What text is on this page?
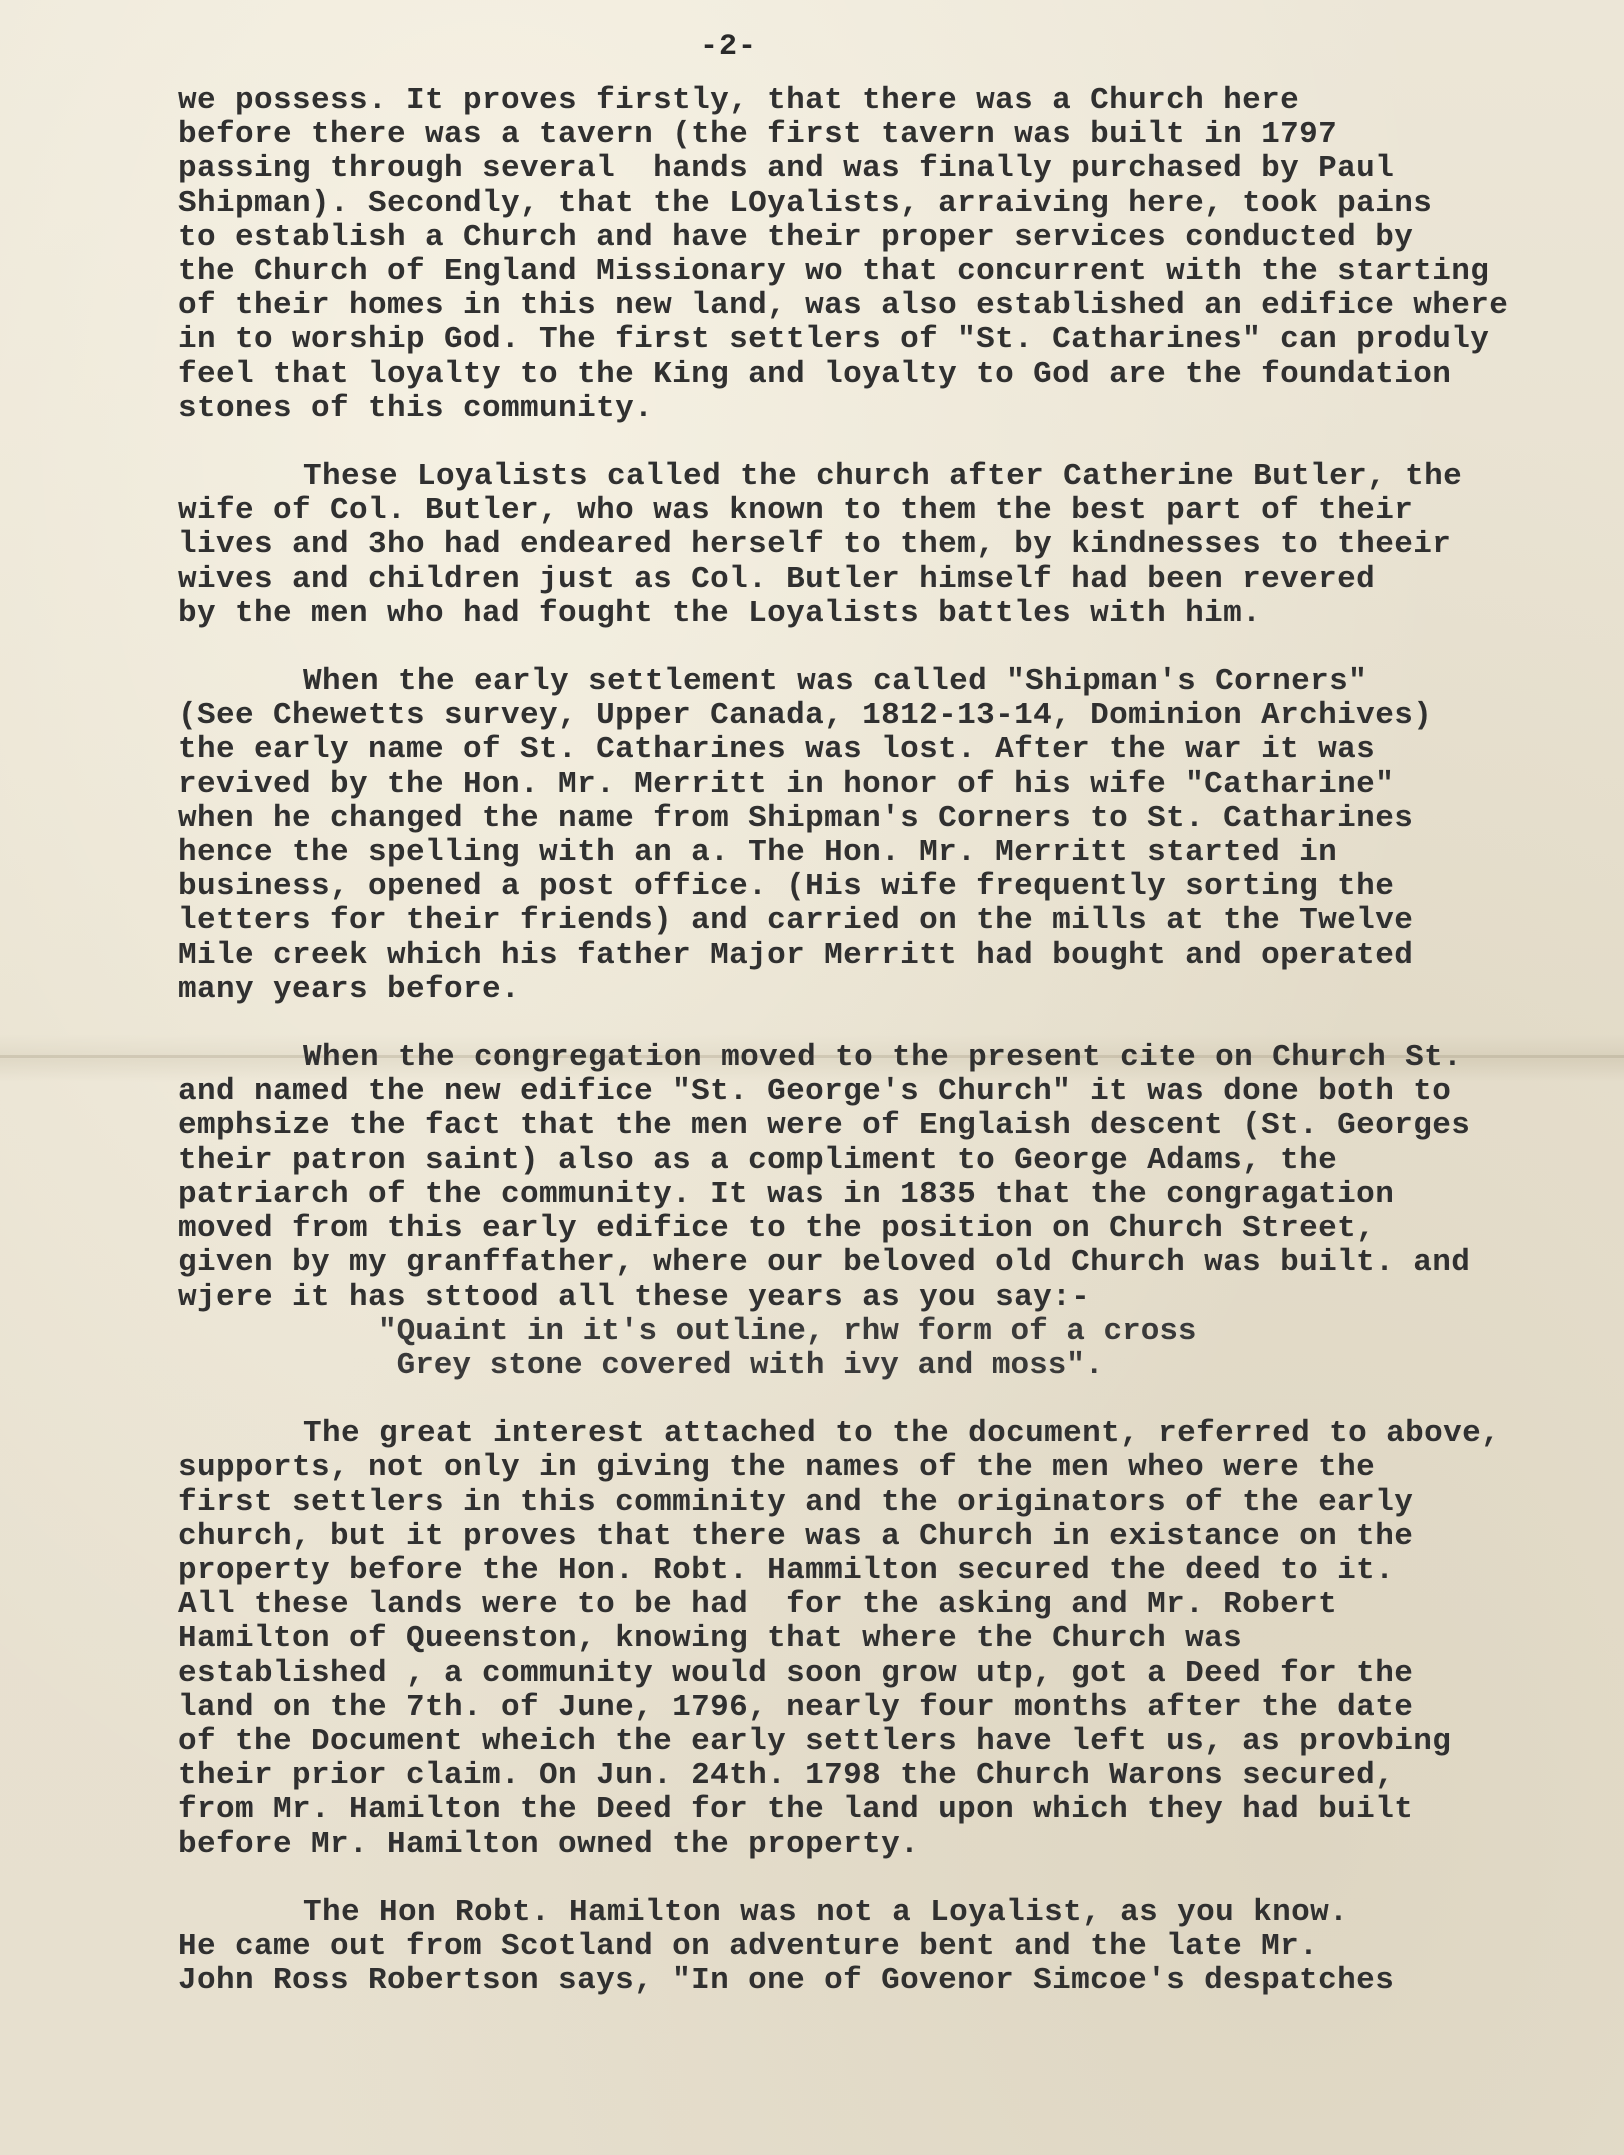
-2-
we possess. It proves firstly, that there was a Church here
before there was a tavern (the first tavern was built in 1797
passing through several  hands and was finally purchased by Paul
Shipman). Secondly, that the LOyalists, arraiving here, took pains
to establish a Church and have their proper services conducted by
the Church of England Missionary wo that concurrent with the starting
of their homes in this new land, was also established an edifice where
in to worship God. The first settlers of "St. Catharines" can produly
feel that loyalty to the King and loyalty to God are the foundation
stones of this community.
These Loyalists called the church after Catherine Butler, the
wife of Col. Butler, who was known to them the best part of their
lives and 3ho had endeared herself to them, by kindnesses to theeir
wives and children just as Col. Butler himself had been revered
by the men who had fought the Loyalists battles with him.
When the early settlement was called "Shipman's Corners"
(See Chewetts survey, Upper Canada, 1812-13-14, Dominion Archives)
the early name of St. Catharines was lost. After the war it was
revived by the Hon. Mr. Merritt in honor of his wife "Catharine"
when he changed the name from Shipman's Corners to St. Catharines
hence the spelling with an a. The Hon. Mr. Merritt started in
business, opened a post office. (His wife frequently sorting the
letters for their friends) and carried on the mills at the Twelve
Mile creek which his father Major Merritt had bought and operated
many years before.
When the congregation moved to the present cite on Church St.
and named the new edifice "St. George's Church" it was done both to
emphsize the fact that the men were of Englaish descent (St. Georges
their patron saint) also as a compliment to George Adams, the
patriarch of the community. It was in 1835 that the congragation
moved from this early edifice to the position on Church Street,
given by my granffather, where our beloved old Church was built. and
wjere it has sttood all these years as you say:-
"Quaint in it's outline, rhw form of a cross
Grey stone covered with ivy and moss".
The great interest attached to the document, referred to above,
supports, not only in giving the names of the men wheo were the
first settlers in this comminity and the originators of the early
church, but it proves that there was a Church in existance on the
property before the Hon. Robt. Hammilton secured the deed to it.
All these lands were to be had  for the asking and Mr. Robert
Hamilton of Queenston, knowing that where the Church was
established , a community would soon grow utp, got a Deed for the
land on the 7th. of June, 1796, nearly four months after the date
of the Document wheich the early settlers have left us, as provbing
their prior claim. On Jun. 24th. 1798 the Church Warons secured,
from Mr. Hamilton the Deed for the land upon which they had built
before Mr. Hamilton owned the property.
The Hon Robt. Hamilton was not a Loyalist, as you know.
He came out from Scotland on adventure bent and the late Mr.
John Ross Robertson says, "In one of Govenor Simcoe's despatches
